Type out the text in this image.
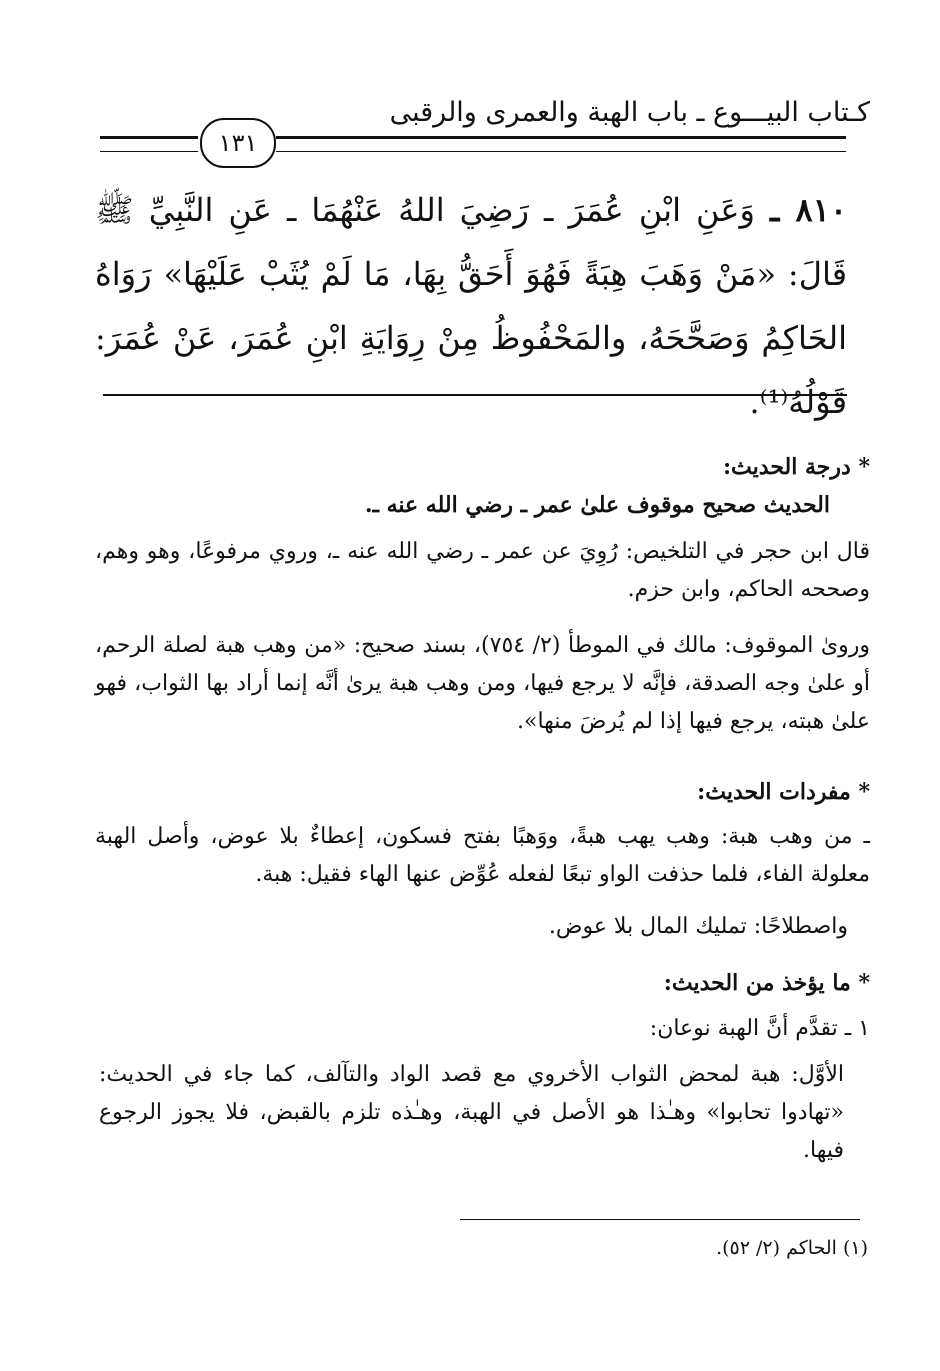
كـتاب البيـــوع ـ باب الهبة والعمرى والرقبى
١٣١

٨١٠ ـ وَعَنِ ابْنِ عُمَرَ ـ رَضِيَ اللهُ عَنْهُمَا ـ عَنِ النَّبِيِّ ﷺ قَالَ: «مَنْ وَهَبَ هِبَةً فَهُوَ أَحَقُّ بِهَا، مَا لَمْ يُثَبْ عَلَيْهَا» رَوَاهُ الحَاكِمُ وَصَحَّحَهُ، والمَحْفُوظُ مِنْ رِوَايَةِ ابْنِ عُمَرَ، عَنْ عُمَرَ: قَوْلُهُ⁽¹⁾.

* درجة الحديث:

الحديث صحيح موقوف علىٰ عمر ـ رضي الله عنه ـ.

قال ابن حجر في التلخيص: رُوِيَ عن عمر ـ رضي الله عنه ـ، وروي مرفوعًا، وهو وهم، وصححه الحاكم، وابن حزم.

ورویٰ الموقوف: مالك في الموطأ (٢/ ٧٥٤)، بسند صحيح: «من وهب هبة لصلة الرحم، أو علىٰ وجه الصدقة، فإنَّه لا يرجع فيها، ومن وهب هبة يرىٰ أنَّه إنما أراد بها الثواب، فهو علىٰ هبته، يرجع فيها إذا لم يُرضَ منها».

* مفردات الحديث:

ـ من وهب هبة: وهب يهب هبةً، ووَهبًا بفتح فسكون، إعطاءٌ بلا عوض، وأصل الهبة معلولة الفاء، فلما حذفت الواو تبعًا لفعله عُوِّض عنها الهاء فقيل: هبة.

واصطلاحًا: تمليك المال بلا عوض.

* ما يؤخذ من الحديث:

١ ـ تقدَّم أنَّ الهبة نوعان:

الأوَّل: هبة لمحض الثواب الأخروي مع قصد الواد والتآلف، كما جاء في الحديث: «تهادوا تحابوا» وهـٰذا هو الأصل في الهبة، وهـٰذه تلزم بالقبض، فلا يجوز الرجوع فيها.

(١) الحاكم (٢/ ٥٢).
